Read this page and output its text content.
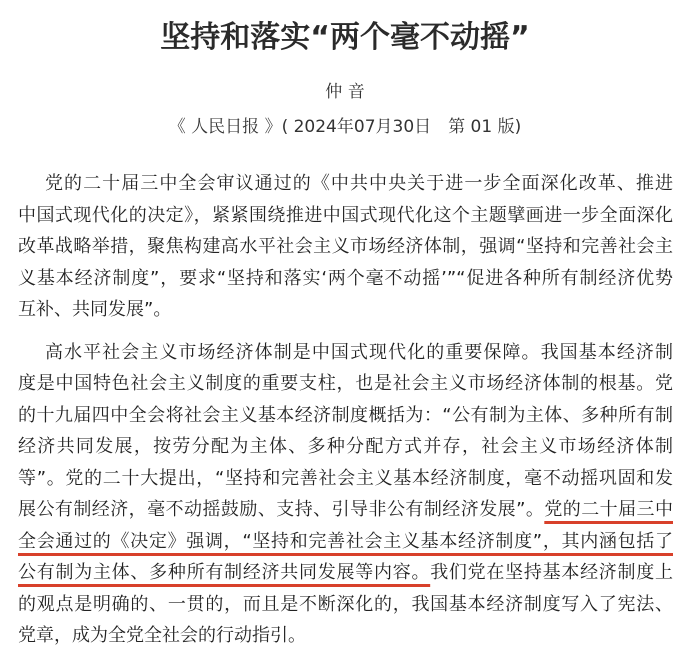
坚持和落实“两个毫不动摇”
仲 音
《 人民日报 》( 2024年07月30日　第 01 版)
党的二十届三中全会审议通过的《中共中央关于进一步全面深化改革、推进
中国式现代化的决定》，紧紧围绕推进中国式现代化这个主题擘画进一步全面深化
改革战略举措，聚焦构建高水平社会主义市场经济体制，强调“坚持和完善社会主
义基本经济制度”，要求“坚持和落实‘两个毫不动摇’”“促进各种所有制经济优势
互补、共同发展”。
高水平社会主义市场经济体制是中国式现代化的重要保障。我国基本经济制
度是中国特色社会主义制度的重要支柱，也是社会主义市场经济体制的根基。党
的十九届四中全会将社会主义基本经济制度概括为：“公有制为主体、多种所有制
经济共同发展，按劳分配为主体、多种分配方式并存，社会主义市场经济体制
等”。党的二十大提出，“坚持和完善社会主义基本经济制度，毫不动摇巩固和发
展公有制经济，毫不动摇鼓励、支持、引导非公有制经济发展”。党的二十届三中
全会通过的《决定》强调，“坚持和完善社会主义基本经济制度”，其内涵包括了
公有制为主体、多种所有制经济共同发展等内容。我们党在坚持基本经济制度上
的观点是明确的、一贯的，而且是不断深化的，我国基本经济制度写入了宪法、
党章，成为全党全社会的行动指引。
